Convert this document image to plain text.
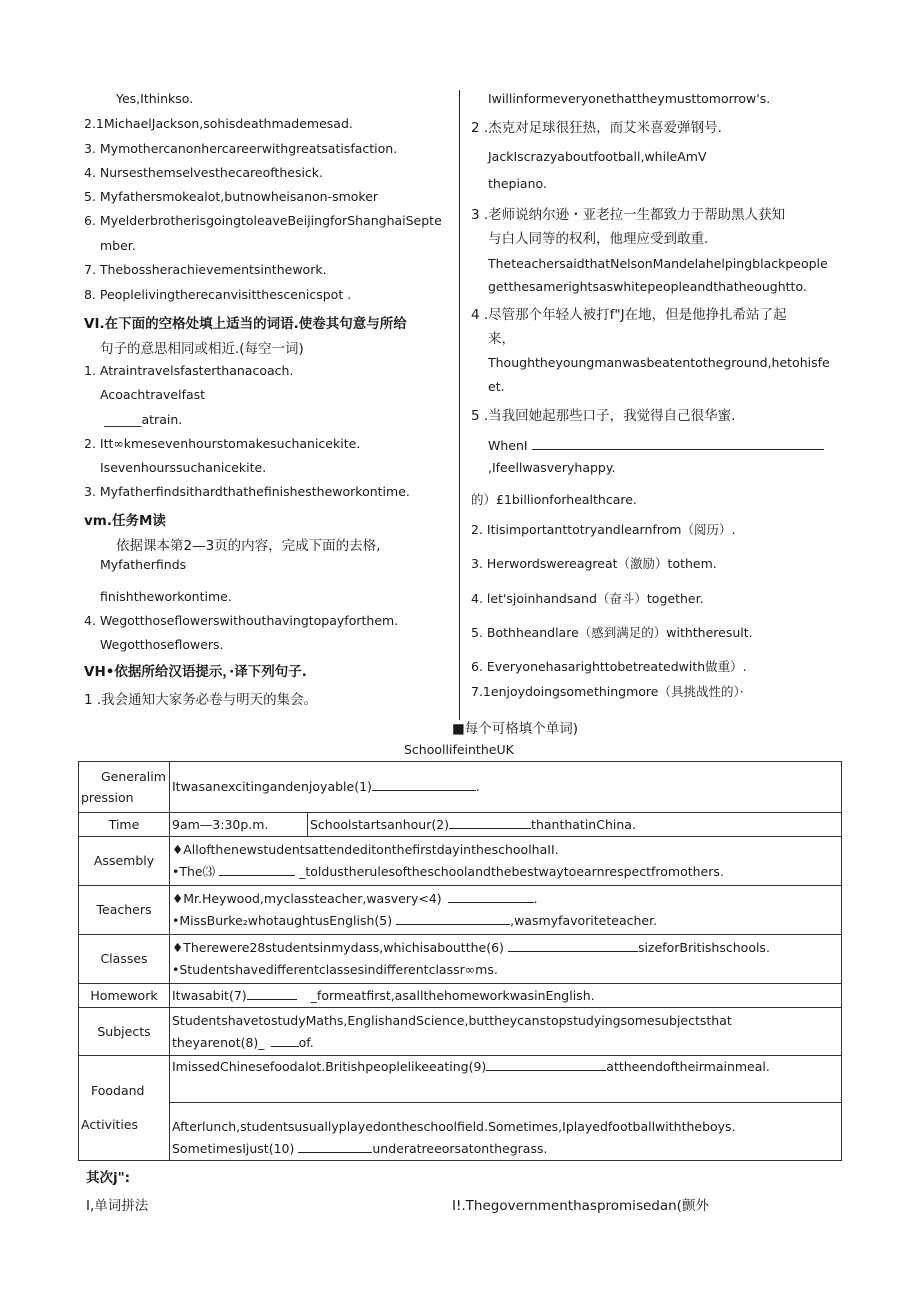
Yes,Ithinkso.
2.1MichaelJackson,sohisdeathmademesad.
3. Mymothercanonhercareerwithgreatsatisfaction.
4. Nursesthemselvesthecareofthesick.
5. Myfathersmokealot,butnowheisanon-smoker
6. MyelderbrotherisgoingtoleaveBeijingforShanghaiSepte
mber.
7. Thebossherachievementsinthework.
8. Peoplelivingtherecanvisitthescenicspot .
VI.在下面的空格处填上适当的词语.使卷其句意与所给
句子的意思相同或相近.(每空一词)
1. Atraintravelsfasterthanacoach.
Acoachtravelfast
______atrain.
2. Itt∞kmesevenhourstomakesuchanicekite.
Isevenhourssuchanicekite.
3. Myfatherfindsithardthathefinishestheworkontime.
vm.任务M读
依据课本第2—3页的内容，完成下面的去格,
Myfatherfinds
finishtheworkontime.
4. Wegotthoseflowerswithouthavingtopayforthem.
Wegotthoseflowers.
VH•依据所给汉语提示，·译下列句子.
1 .我会通知大家务必卷与明天的集会。
Iwillinformeveryonethattheymusttomorrow's.
2 .杰克对足球很狂热，而艾米喜爱弹钢号.
JackIscrazyaboutfootball,whileAmV
thepiano.
3 .老师说纳尔逊・亚老拉一生都致力于帮助黑人获知
与白人同等的权利，他理应受到敢重.
TheteachersaidthatNelsonMandelahelpingblackpeople
getthesamerightsaswhitepeopleandthatheoughtto.
4 .尽管那个年轻人被打f"J在地，但是他挣扎希站了起
来，
Thoughtheyoungmanwasbeatentotheground,hetohisfe
et.
5 .当我回她起那些口子，我觉得自己很华蜜.
WhenI
,Ifeellwasveryhappy.
的）£1billionforhealthcare.
2. Itisimportanttotryandlearnfrom（阅历）.
3. Herwordswereagreat（激励）tothem.
4. let'sjoinhandsand（奋斗）together.
5. Bothheandlare（感到满足的）withtheresult.
6. Everyonehasarighttobetreatedwith做重）.
7.1enjoydoingsomethingmore（具挑战性的）·
■每个可格填个单词)
SchoollifeintheUK
Generalim
pression	Itwasanexcitingandenjoyable(1) .	
Time	9am—3:30p.m.	Schoolstartsanhour(2) thanthatinChina.
Assembly	♦AllofthenewstudentsattendeditonthefirstdayintheschoolhaII.
•The⑶ _toldustherulesoftheschoolandthebestwaytoearnrespectfromothers.	

Teachers	♦Mr.Heywood,myclassteacher,wasvery<4) .
•MissBurke₂whotaughtusEnglish(5) ,wasmyfavoriteteacher.	

Classes	♦Therewere28studentsinmydass,whichisaboutthe(6) sizeforBritishschools.
•Studentshavedifferentclassesindifferentclassr∞ms.	

Homework	Itwasabit(7) _formeatfirst,asallthehomeworkwasinEnglish.	
Subjects	StudentshavetostudyMaths,EnglishandScience,buttheycanstopstudyingsomesubjectsthat
theyarenot(8)_ of.	

Foodand
Activities	ImissedChinesefoodalot.Britishpeoplelikeeating(9) attheendoftheirmainmeal.	

	Afterlunch,studentsusuallyplayedontheschoolfield.Sometimes,Iplayedfootballwiththeboys.
SometimesIjust(10) underatreeorsatonthegrass.	
其次j":
I,单词拼法	I!.Thegovernmenthaspromisedan(颤外
